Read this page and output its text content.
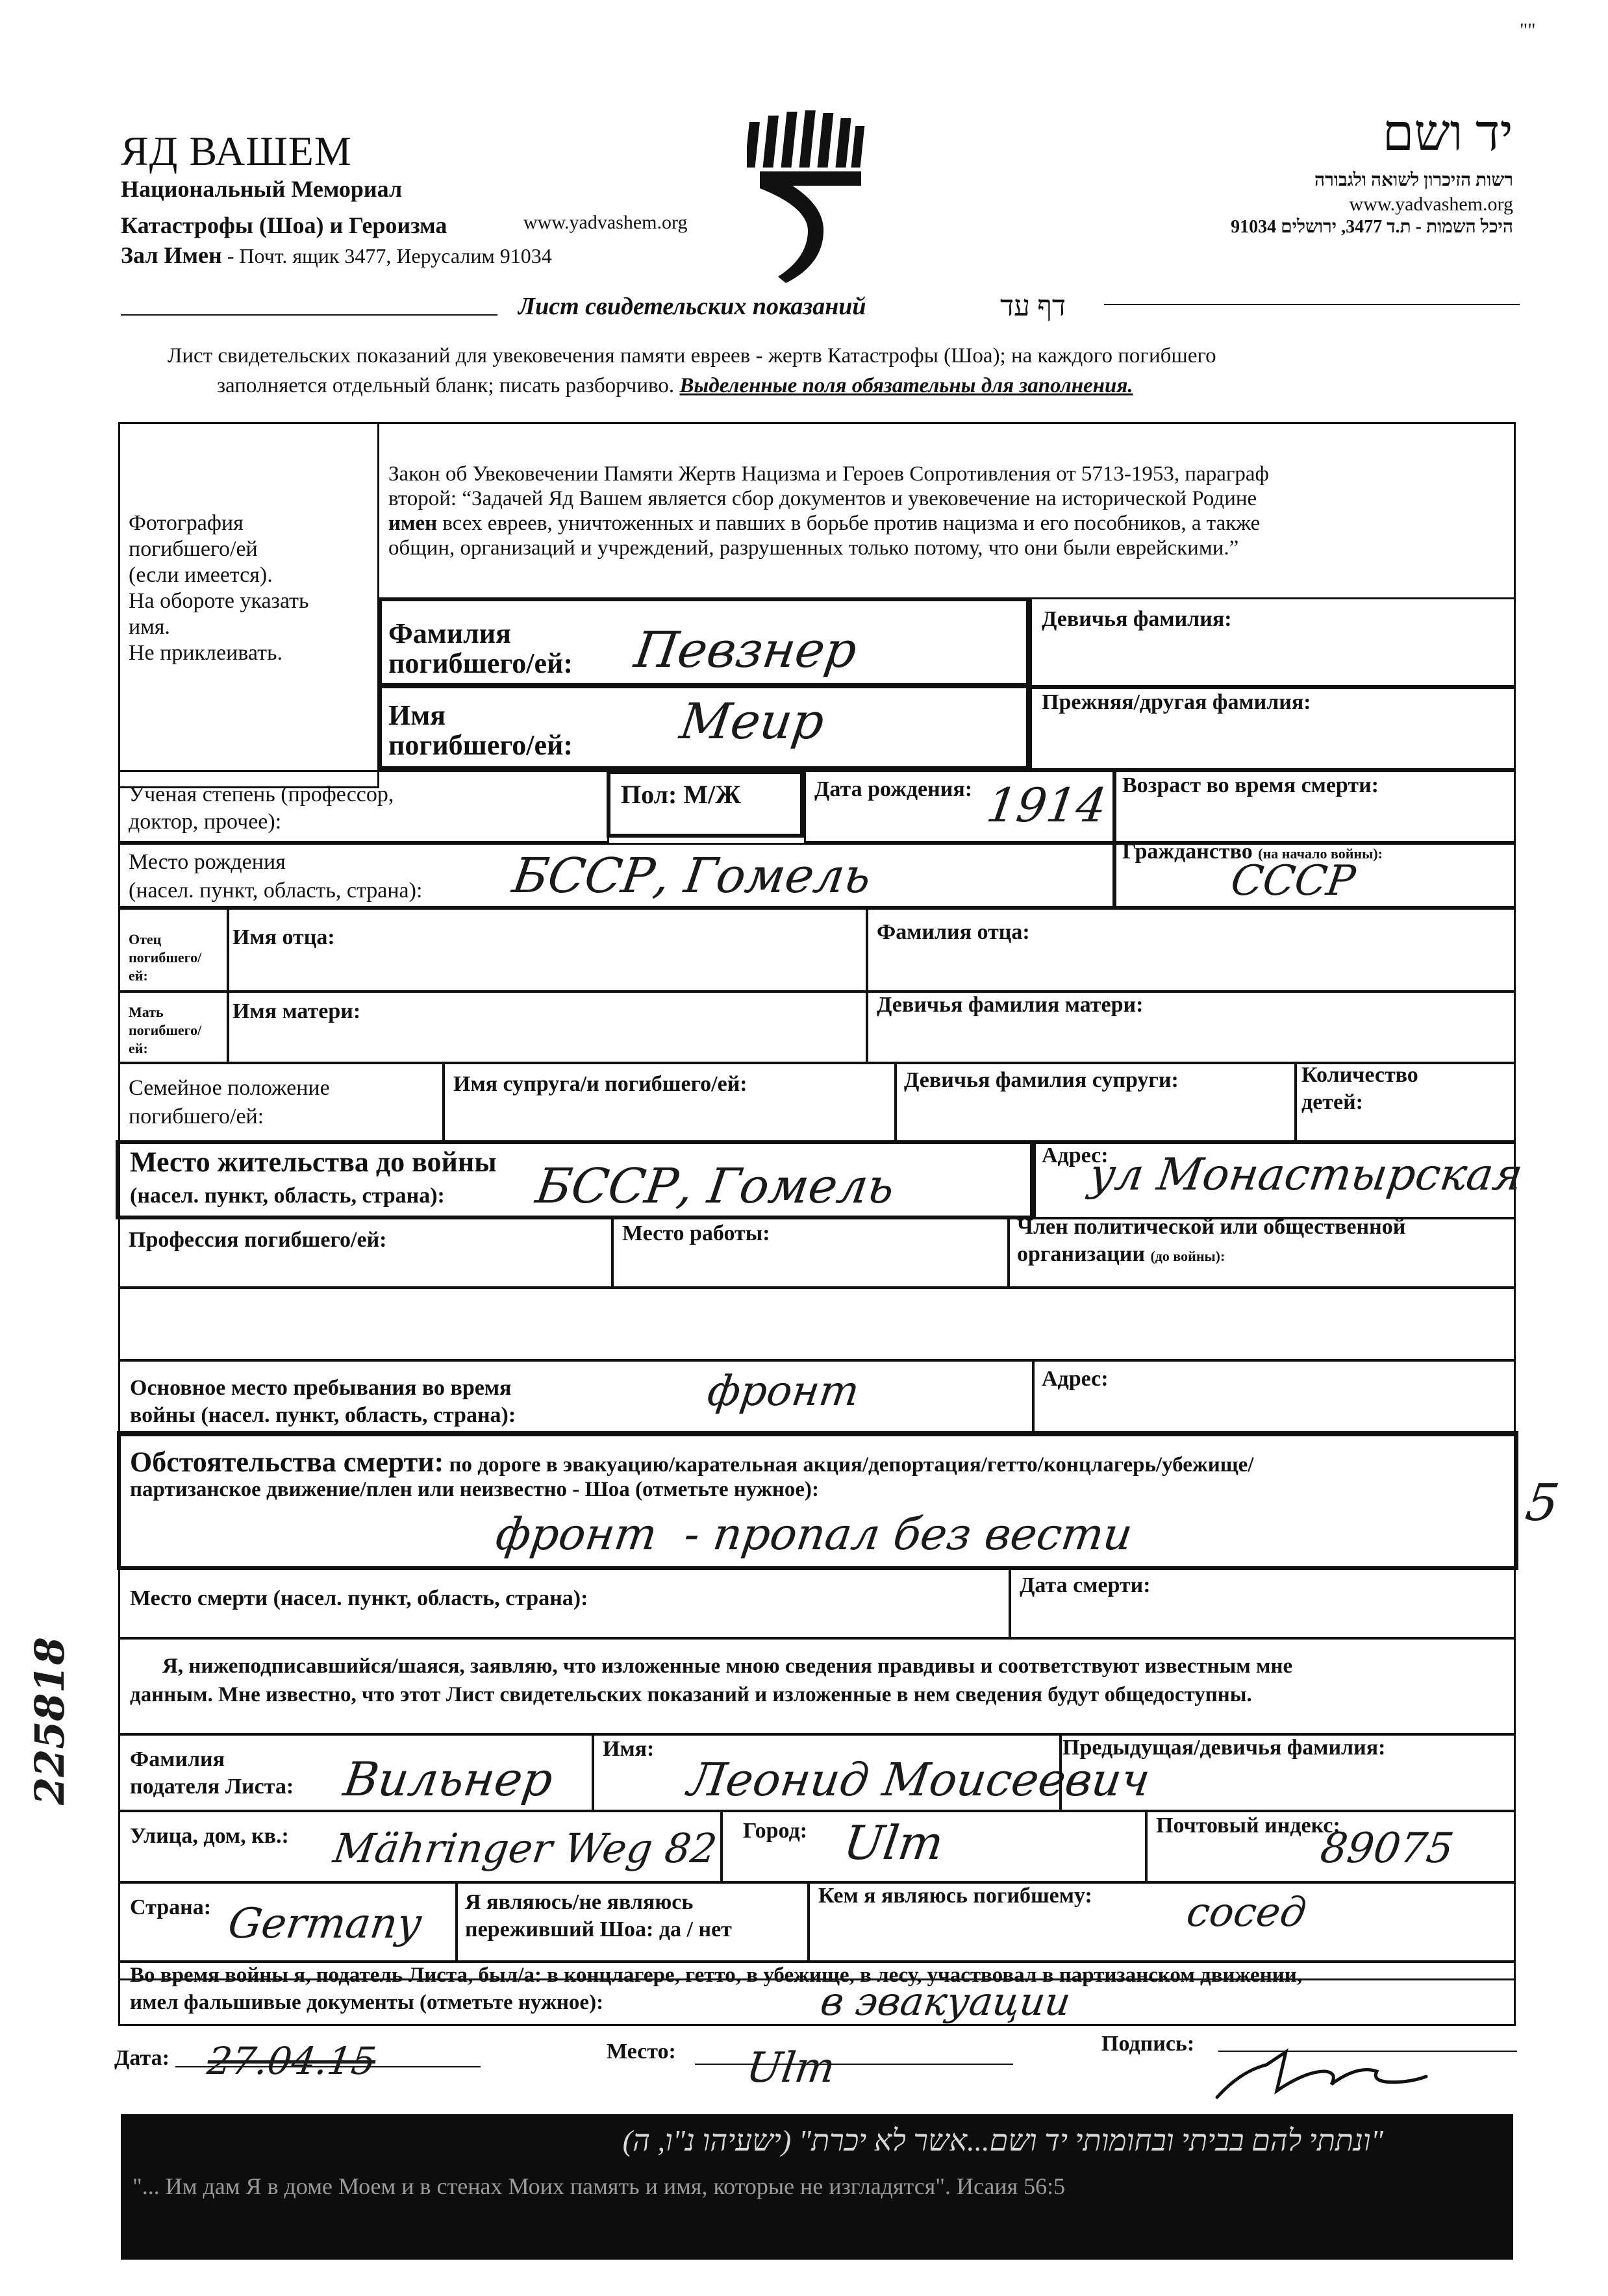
""
ЯД ВАШЕМ
Национальный Мемориал
Катастрофы (Шоа) и Героизма	www.yadvashem.org
Зал Имен - Почт. ящик 3477, Иерусалим 91034
יד ושם
רשות הזיכרון לשואה ולגבורה
www.yadvashem.org
היכל השמות - ת.ד 3477, ירושלים 91034
Лист свидетельских показаний	דף עד
Лист свидетельских показаний для увековечения памяти евреев - жертв Катастрофы (Шоа); на каждого погибшего
заполняется отдельный бланк; писать разборчиво. Выделенные поля обязательны для заполнения.
Фотография
погибшего/ей
(если имеется).
На обороте указать
имя.
Не приклеивать.
Закон об Увековечении Памяти Жертв Нацизма и Героев Сопротивления от 5713-1953, параграф
второй: “Задачей Яд Вашем является сбор документов и увековечение на исторической Родине
имен всех евреев, уничтоженных и павших в борьбе против нацизма и его пособников, а также
общин, организаций и учреждений, разрушенных только потому, что они были еврейскими.”
Фамилия
погибшего/ей: Певзнер
Девичья фамилия:
Имя
погибшего/ей: Меир	Прежняя/другая фамилия:
Ученая степень (профессор,
доктор, прочее):
Пол: М/Ж	Дата рождения: 1914 Возраст во время смерти:
Место рождения
(насел. пункт, область, страна): БССР, Гомель	Гражданство (на начало войны):
СССР
Отец
погибшего/
ей:
Имя отца:	Фамилия отца:
Мать
погибшего/
ей:
Имя матери:	Девичья фамилия матери:
Семейное положение
погибшего/ей:
Имя супруга/и погибшего/ей:	Девичья фамилия супруги:	Количество
детей:
Место жительства до войны
(насел. пункт, область, страна): БССР, Гомель
Адрес:
ул Монастырская
Профессия погибшего/ей:	Место работы:	Член политической или общественной
организации (до войны):
Основное место пребывания во время
войны (насел. пункт, область, страна):	фронт	Адрес:
Обстоятельства смерти: по дороге в эвакуацию/карательная акция/депортация/гетто/концлагерь/убежище/
партизанское движение/плен или неизвестно - Шоа (отметьте нужное):
фронт  - пропал без вести
Место смерти (насел. пункт, область, страна):
Дата смерти:
Я, нижеподписавшийся/шаяся, заявляю, что изложенные мною сведения правдивы и соответствуют известным мне
данным. Мне известно, что этот Лист свидетельских показаний и изложенные в нем сведения будут общедоступны.
Фамилия
подателя Листа: Вильнер
Имя:
Леонид Моисеевич
Предыдущая/девичья фамилия:
Улица, дом, кв.: Mähringer Weg 82 Город: Ulm	Почтовый индекс:
89075
Страна: Germany Я являюсь/не являюсь
переживший Шоа: да / нет
Кем я являюсь погибшему: сосед
Во время войны я, податель Листа, был/а: в концлагере, гетто, в убежище, в лесу, участвовал в партизанском движении,
имел фальшивые документы (отметьте нужное):	в эвакуации
Дата: 27.04.15	Место: Ulm
Подпись:
"ונתתי להם בביתי ובחומותי יד ושם...אשר לא יכרת" (ישעיהו נ"ו, ה)
"... Им дам Я в доме Моем и в стенах Моих память и имя, которые не изгладятся". Исаия 56:5
225818
5
